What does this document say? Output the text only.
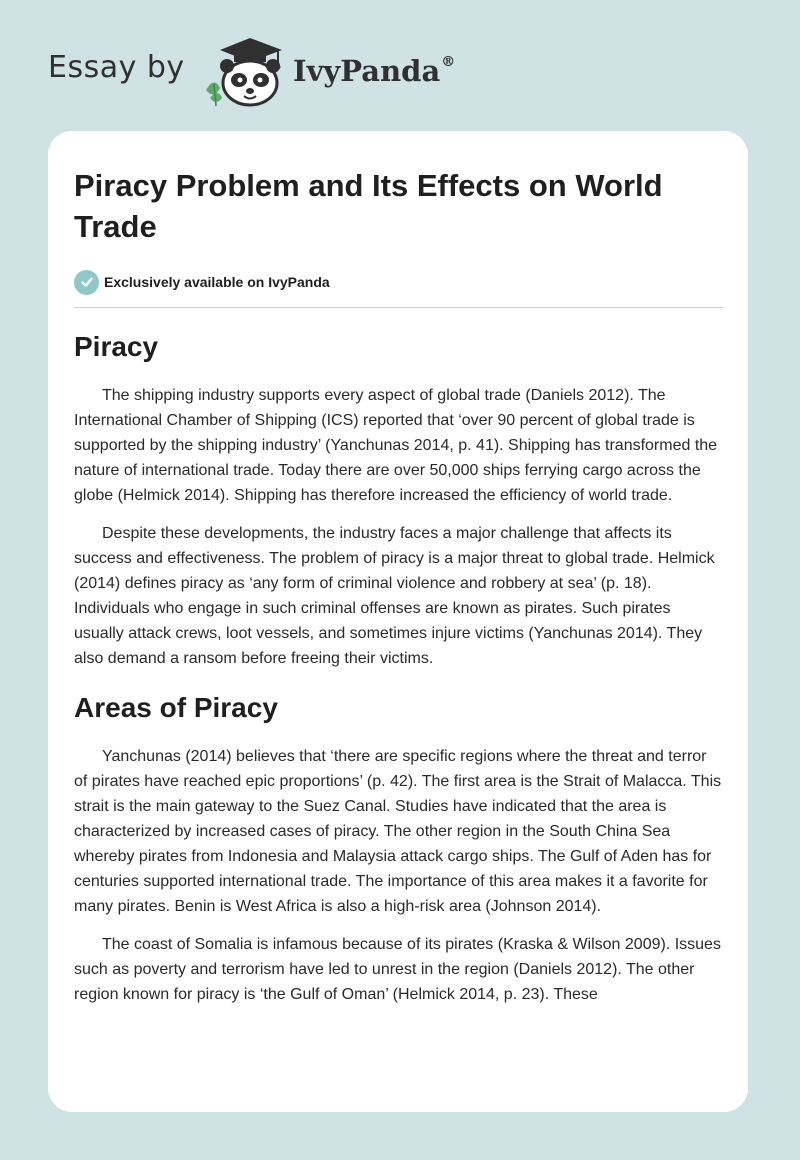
Essay by	IvyPanda®
Piracy Problem and Its Effects on World Trade
Exclusively available on IvyPanda
Piracy

The shipping industry supports every aspect of global trade (Daniels 2012). The International Chamber of Shipping (ICS) reported that ‘over 90 percent of global trade is supported by the shipping industry’ (Yanchunas 2014, p. 41). Shipping has transformed the nature of international trade. Today there are over 50,000 ships ferrying cargo across the globe (Helmick 2014). Shipping has therefore increased the efficiency of world trade.

Despite these developments, the industry faces a major challenge that affects its success and effectiveness. The problem of piracy is a major threat to global trade. Helmick (2014) defines piracy as ‘any form of criminal violence and robbery at sea’ (p. 18). Individuals who engage in such criminal offenses are known as pirates. Such pirates usually attack crews, loot vessels, and sometimes injure victims (Yanchunas 2014). They also demand a ransom before freeing their victims.

Areas of Piracy

Yanchunas (2014) believes that ‘there are specific regions where the threat and terror of pirates have reached epic proportions’ (p. 42). The first area is the Strait of Malacca. This strait is the main gateway to the Suez Canal. Studies have indicated that the area is characterized by increased cases of piracy. The other region in the South China Sea whereby pirates from Indonesia and Malaysia attack cargo ships. The Gulf of Aden has for centuries supported international trade. The importance of this area makes it a favorite for many pirates. Benin is West Africa is also a high-risk area (Johnson 2014).

The coast of Somalia is infamous because of its pirates (Kraska & Wilson 2009). Issues such as poverty and terrorism have led to unrest in the region (Daniels 2012). The other region known for piracy is ‘the Gulf of Oman’ (Helmick 2014, p. 23). These
